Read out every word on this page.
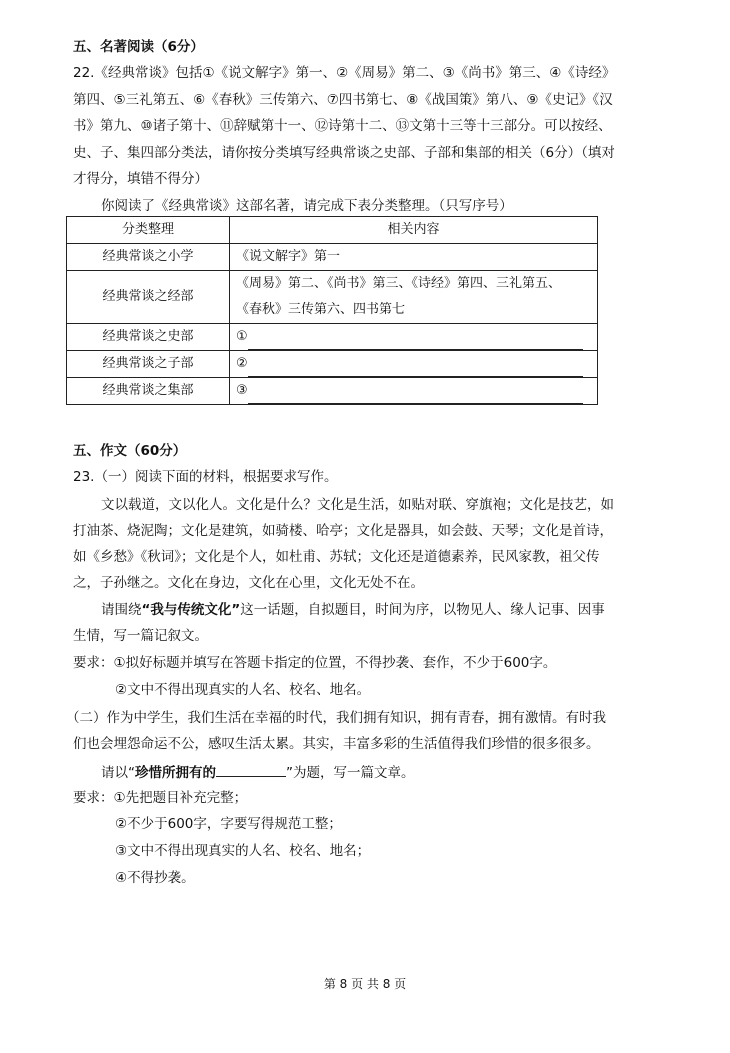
五、名著阅读（6分）
22.《经典常谈》包括①《说文解字》第一、②《周易》第二、③《尚书》第三、④《诗经》
第四、⑤三礼第五、⑥《春秋》三传第六、⑦四书第七、⑧《战国策》第八、⑨《史记》《汉
书》第九、⑩诸子第十、⑪辞赋第十一、⑫诗第十二、⑬文第十三等十三部分。可以按经、
史、子、集四部分类法，请你按分类填写经典常谈之史部、子部和集部的相关（6分）（填对
才得分，填错不得分）
你阅读了《经典常谈》这部名著，请完成下表分类整理。（只写序号）
分类整理	相关内容
经典常谈之小学	《说文解字》第一
经典常谈之经部	《周易》第二、《尚书》第三、《诗经》第四、三礼第五、
《春秋》三传第六、四书第七

经典常谈之史部	①
经典常谈之子部	②
经典常谈之集部	③
五、作文（60分）
23.（一）阅读下面的材料，根据要求写作。
文以载道，文以化人。文化是什么？文化是生活，如贴对联、穿旗袍；文化是技艺，如
打油茶、烧泥陶；文化是建筑，如骑楼、哈亭；文化是器具，如会鼓、天琴；文化是首诗，
如《乡愁》《秋词》；文化是个人，如杜甫、苏轼；文化还是道德素养，民风家教，祖父传
之，子孙继之。文化在身边，文化在心里，文化无处不在。
请围绕“我与传统文化”这一话题，自拟题目，时间为序，以物见人、缘人记事、因事
生情，写一篇记叙文。
要求：①拟好标题并填写在答题卡指定的位置，不得抄袭、套作，不少于600字。
②文中不得出现真实的人名、校名、地名。
（二）作为中学生，我们生活在幸福的时代，我们拥有知识，拥有青春，拥有激情。有时我
们也会埋怨命运不公，感叹生活太累。其实，丰富多彩的生活值得我们珍惜的很多很多。
请以“珍惜所拥有的	”为题，写一篇文章。
要求：①先把题目补充完整；
②不少于600字，字要写得规范工整；
③文中不得出现真实的人名、校名、地名；
④不得抄袭。
第 8 页 共 8 页
